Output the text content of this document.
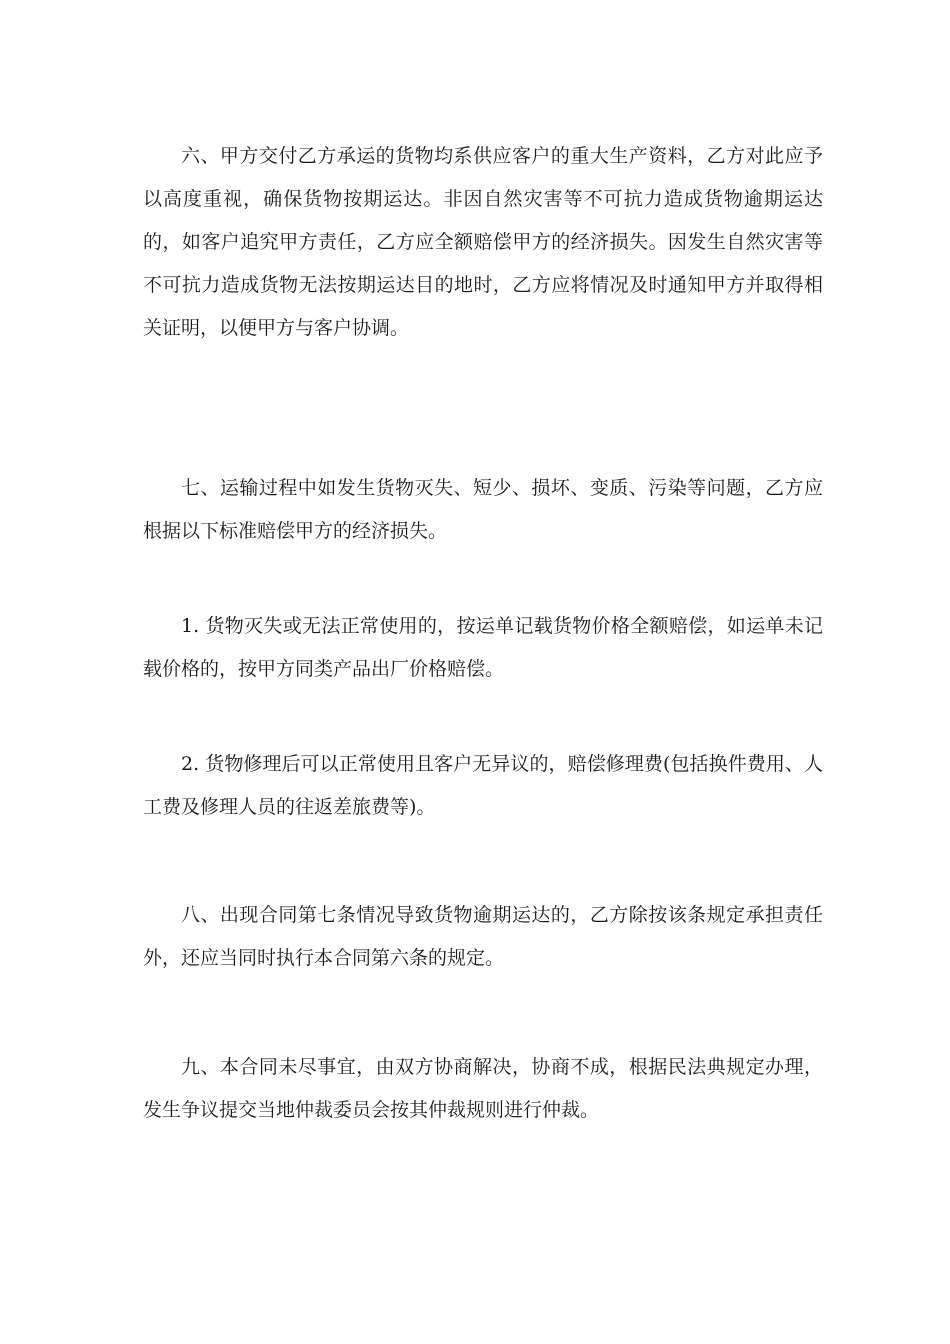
六、甲方交付乙方承运的货物均系供应客户的重大生产资料，乙方对此应予以高度重视，确保货物按期运达。非因自然灾害等不可抗力造成货物逾期运达的，如客户追究甲方责任，乙方应全额赔偿甲方的经济损失。因发生自然灾害等不可抗力造成货物无法按期运达目的地时，乙方应将情况及时通知甲方并取得相关证明，以便甲方与客户协调。

七、运输过程中如发生货物灭失、短少、损坏、变质、污染等问题，乙方应根据以下标准赔偿甲方的经济损失。

1. 货物灭失或无法正常使用的，按运单记载货物价格全额赔偿，如运单未记载价格的，按甲方同类产品出厂价格赔偿。

2. 货物修理后可以正常使用且客户无异议的，赔偿修理费(包括换件费用、人工费及修理人员的往返差旅费等)。

八、出现合同第七条情况导致货物逾期运达的，乙方除按该条规定承担责任外，还应当同时执行本合同第六条的规定。

九、本合同未尽事宜，由双方协商解决，协商不成，根据民法典规定办理，发生争议提交当地仲裁委员会按其仲裁规则进行仲裁。
